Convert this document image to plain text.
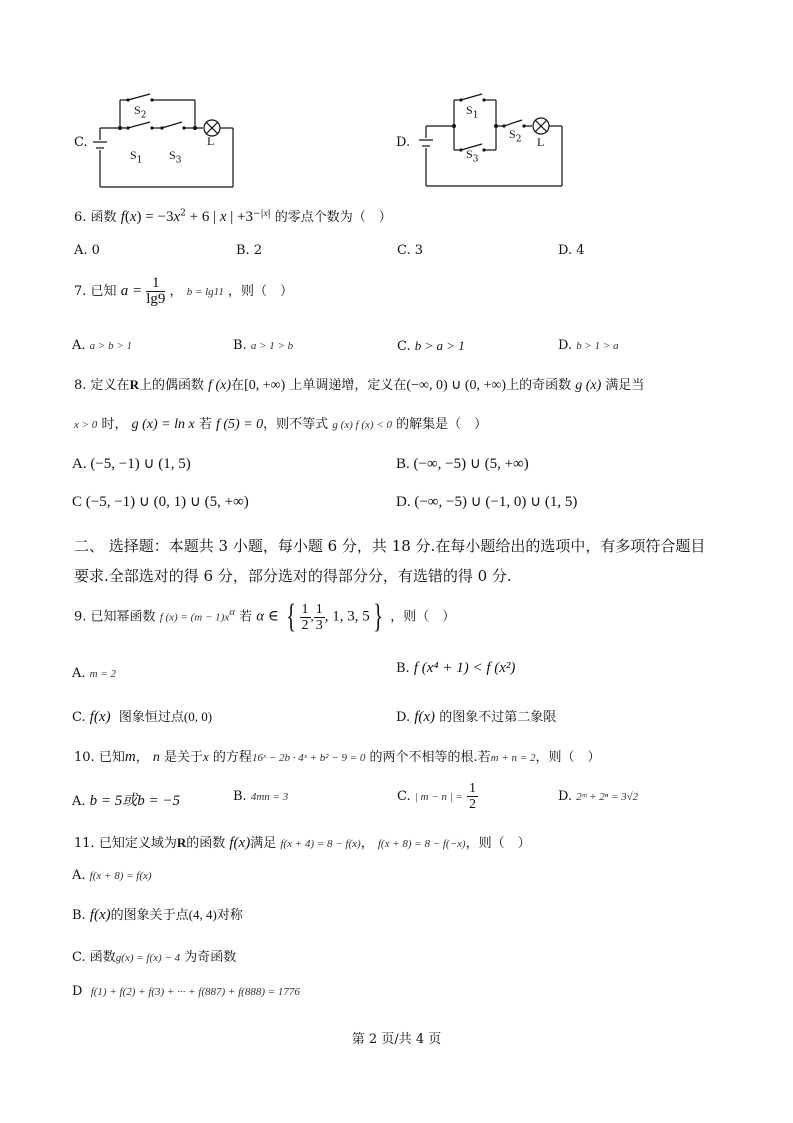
C.
$S_2$
$S_1$ $S_3$
L	D.
$S_1$
$S_3$
$S_2$ L
6. 函数 $f(x) = -3x^2 + 6$ | x | $+3^{-|x|}$ 的零点个数为（　）
A. 0	B. 2	C. 3	D. 4
7. 已知 $a = \frac{1}{\lg 9}$ ， b = lg11 ，则（　）
A. a > b > 1	B. a > 1 > b	C. b > a > 1	D. b > 1 > a
8. 定义在R上的偶函数 f (x)在[0, +∞) 上单调递增，定义在(−∞, 0) ∪ (0, +∞)上的奇函数 g (x) 满足当
x > 0 时， g (x) = ln x 若 f (5) = 0，则不等式 g (x) f (x) < 0 的解集是（　）
A. (−5, −1) ∪ (1, 5)	B. (−∞, −5) ∪ (5, +∞)
C (−5, −1) ∪ (0, 1) ∪ (5, +∞)	D. (−∞, −5) ∪ (−1, 0) ∪ (1, 5)
二、 选择题：本题共 3 小题，每小题 6 分，共 18 分.在每小题给出的选项中，有多项符合题目
要求.全部选对的得 6 分，部分选对的得部分分，有选错的得 0 分.
9. 已知幂函数 f $(x) = (m - 1)x^\alpha$ 若 α ∈ { $\frac{1}{2}$ , $\frac{1}{3}$ , 1, 3, 5} ，则（　）
A. m = 2	B. f (x⁴ + 1) < f (x²)
C. f(x) 图象恒过点(0, 0)	D. f(x) 的图象不过第二象限
10. 已知m， n 是关于x 的方程16ˣ − 2b · 4ˣ + b² − 9 = 0 的两个不相等的根.若m + n = 2，则（　）
A. b = 5或b = −5	B. 4mn = 3	C. | m − n | = $\frac{1}{2}$	D. 2ᵐ + 2ⁿ = 3√2
11. 已知定义域为R的函数 f(x)满足 f(x + 4) = 8 − f(x)， f(x + 8) = 8 − f(−x)，则（　）
A. f(x + 8) = f(x)
B. f(x)的图象关于点(4, 4)对称
C. 函数g(x) = f(x) − 4 为奇函数
D f(1) + f(2) + f(3) + ··· + f(887) + f(888) = 1776
第 2 页/共 4 页
